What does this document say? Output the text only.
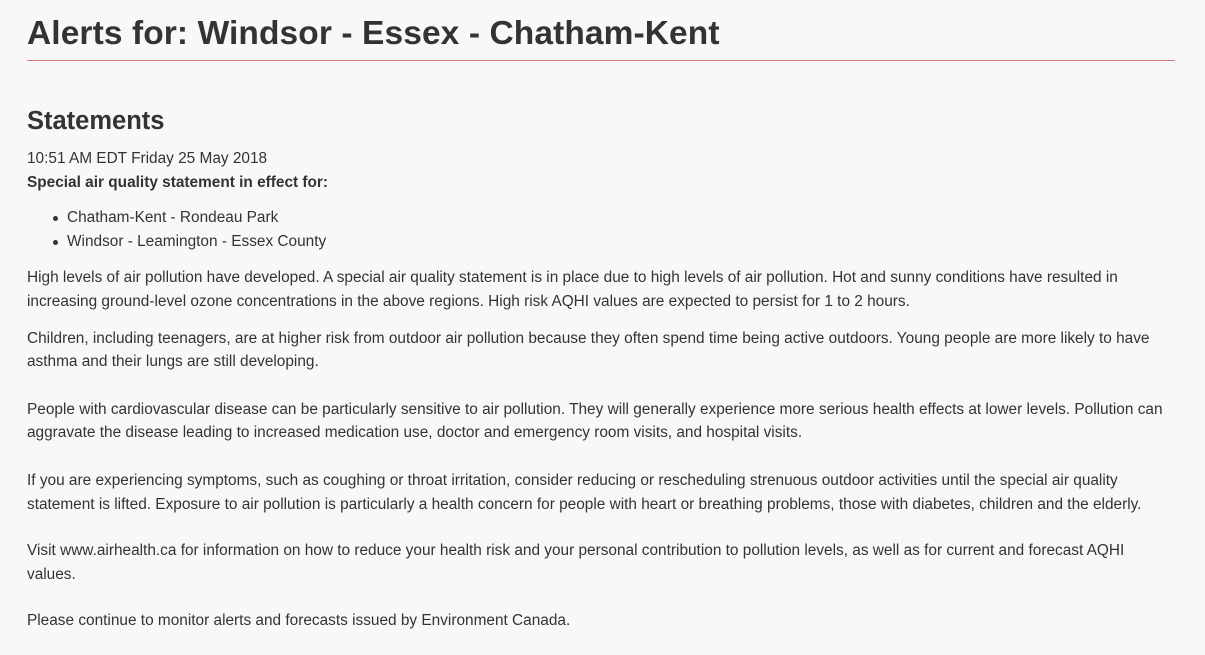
Alerts for: Windsor - Essex - Chatham-Kent
Statements
10:51 AM EDT Friday 25 May 2018
Special air quality statement in effect for:
Chatham-Kent - Rondeau Park
Windsor - Leamington - Essex County

High levels of air pollution have developed. A special air quality statement is in place due to high levels of air pollution. Hot and sunny conditions have resulted in increasing ground-level ozone concentrations in the above regions. High risk AQHI values are expected to persist for 1 to 2 hours.

Children, including teenagers, are at higher risk from outdoor air pollution because they often spend time being active outdoors. Young people are more likely to have asthma and their lungs are still developing.

People with cardiovascular disease can be particularly sensitive to air pollution. They will generally experience more serious health effects at lower levels. Pollution can aggravate the disease leading to increased medication use, doctor and emergency room visits, and hospital visits.

If you are experiencing symptoms, such as coughing or throat irritation, consider reducing or rescheduling strenuous outdoor activities until the special air quality statement is lifted. Exposure to air pollution is particularly a health concern for people with heart or breathing problems, those with diabetes, children and the elderly.

Visit www.airhealth.ca for information on how to reduce your health risk and your personal contribution to pollution levels, as well as for current and forecast AQHI values.

Please continue to monitor alerts and forecasts issued by Environment Canada.
